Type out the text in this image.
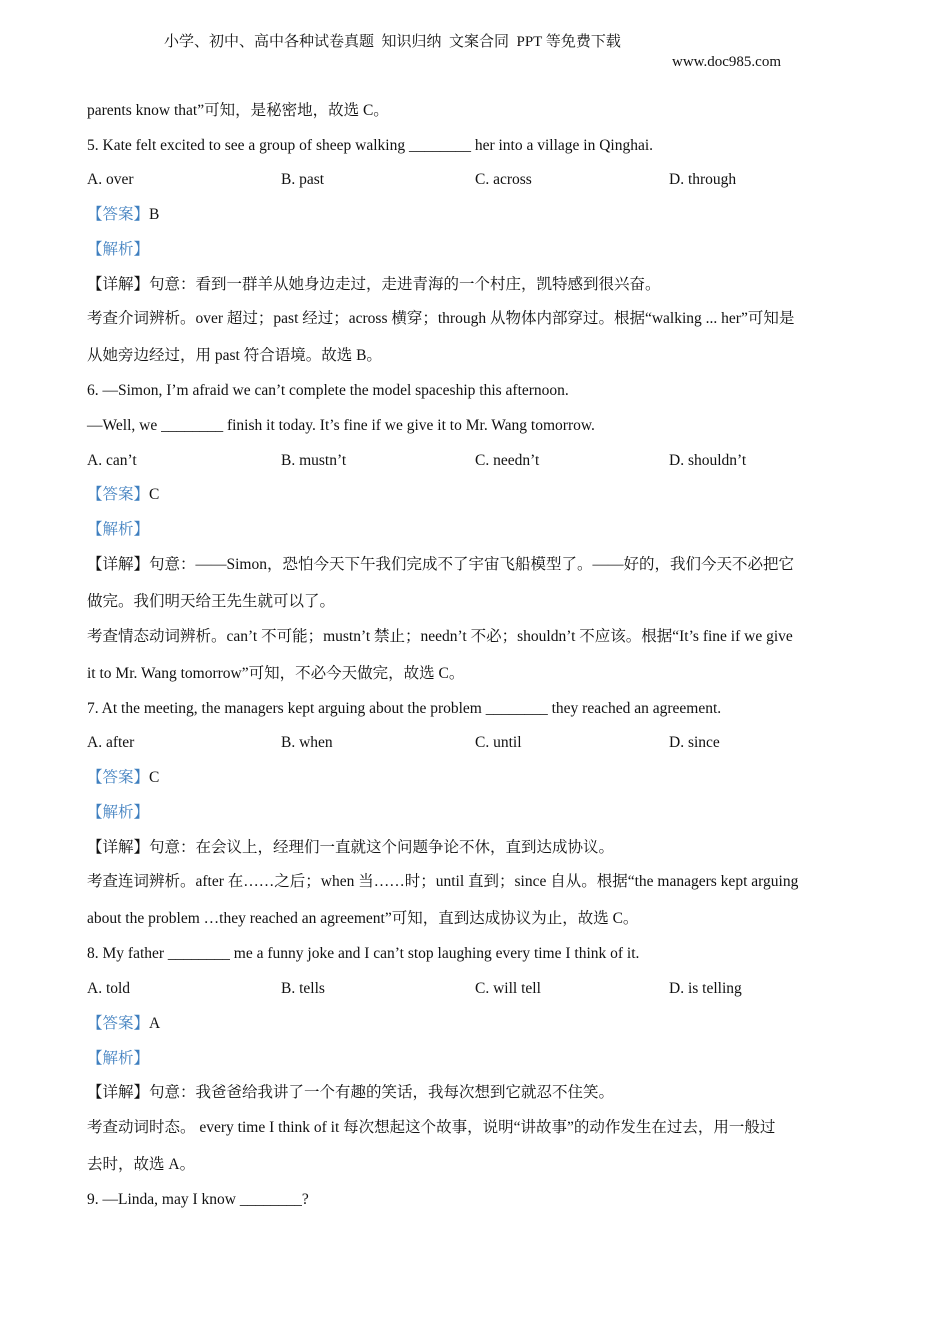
小学、初中、高中各种试卷真题  知识归纳  文案合同  PPT 等免费下载

www.doc985.com

parents know that”可知，是秘密地，故选 C。
5. Kate felt excited to see a group of sheep walking ________ her into a village in Qinghai.
A. over	B. past	C. across	D. through
【答案】B
【解析】
【详解】句意：看到一群羊从她身边走过，走进青海的一个村庄，凯特感到很兴奋。
考查介词辨析。over 超过；past 经过；across 横穿；through 从物体内部穿过。根据“walking ... her”可知是
从她旁边经过，用 past 符合语境。故选 B。
6. —Simon, I’m afraid we can’t complete the model spaceship this afternoon.
—Well, we ________ finish it today. It’s fine if we give it to Mr. Wang tomorrow.
A. can’t	B. mustn’t	C. needn’t	D. shouldn’t
【答案】C
【解析】
【详解】句意：——Simon，恐怕今天下午我们完成不了宇宙飞船模型了。——好的，我们今天不必把它
做完。我们明天给王先生就可以了。
考查情态动词辨析。can’t 不可能；mustn’t 禁止；needn’t 不必；shouldn’t 不应该。根据“It’s fine if we give
it to Mr. Wang tomorrow”可知，不必今天做完，故选 C。
7. At the meeting, the managers kept arguing about the problem ________ they reached an agreement.
A. after	B. when	C. until	D. since
【答案】C
【解析】
【详解】句意：在会议上，经理们一直就这个问题争论不休，直到达成协议。
考查连词辨析。after 在……之后；when 当……时；until 直到；since 自从。根据“the managers kept arguing
about the problem …they reached an agreement”可知，直到达成协议为止，故选 C。
8. My father ________ me a funny joke and I can’t stop laughing every time I think of it.
A. told	B. tells	C. will tell	D. is telling
【答案】A
【解析】
【详解】句意：我爸爸给我讲了一个有趣的笑话，我每次想到它就忍不住笑。
考查动词时态。 every time I think of it 每次想起这个故事，说明“讲故事”的动作发生在过去，用一般过
去时，故选 A。
9. —Linda, may I know ________?
